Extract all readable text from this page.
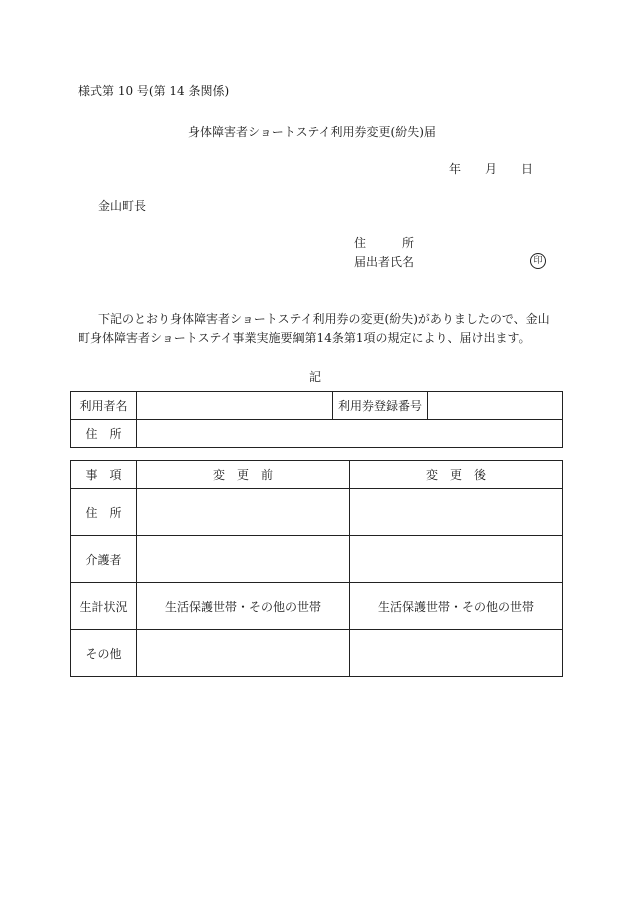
様式第 10 号(第 14 条関係)
身体障害者ショートステイ利用券変更(紛失)届
年 月 日
金山町長
住　　　所
届出者氏名	印
下記のとおり身体障害者ショートステイ利用券の変更(紛失)がありましたので、金山
町身体障害者ショートステイ事業実施要綱第14条第1項の規定により、届け出ます。
記
利用者名		利用券登録番号	
住　所			
事　項	変　更　前	変　更　後
住　所		
介護者		
生計状況	生活保護世帯・その他の世帯	生活保護世帯・その他の世帯
その他		
